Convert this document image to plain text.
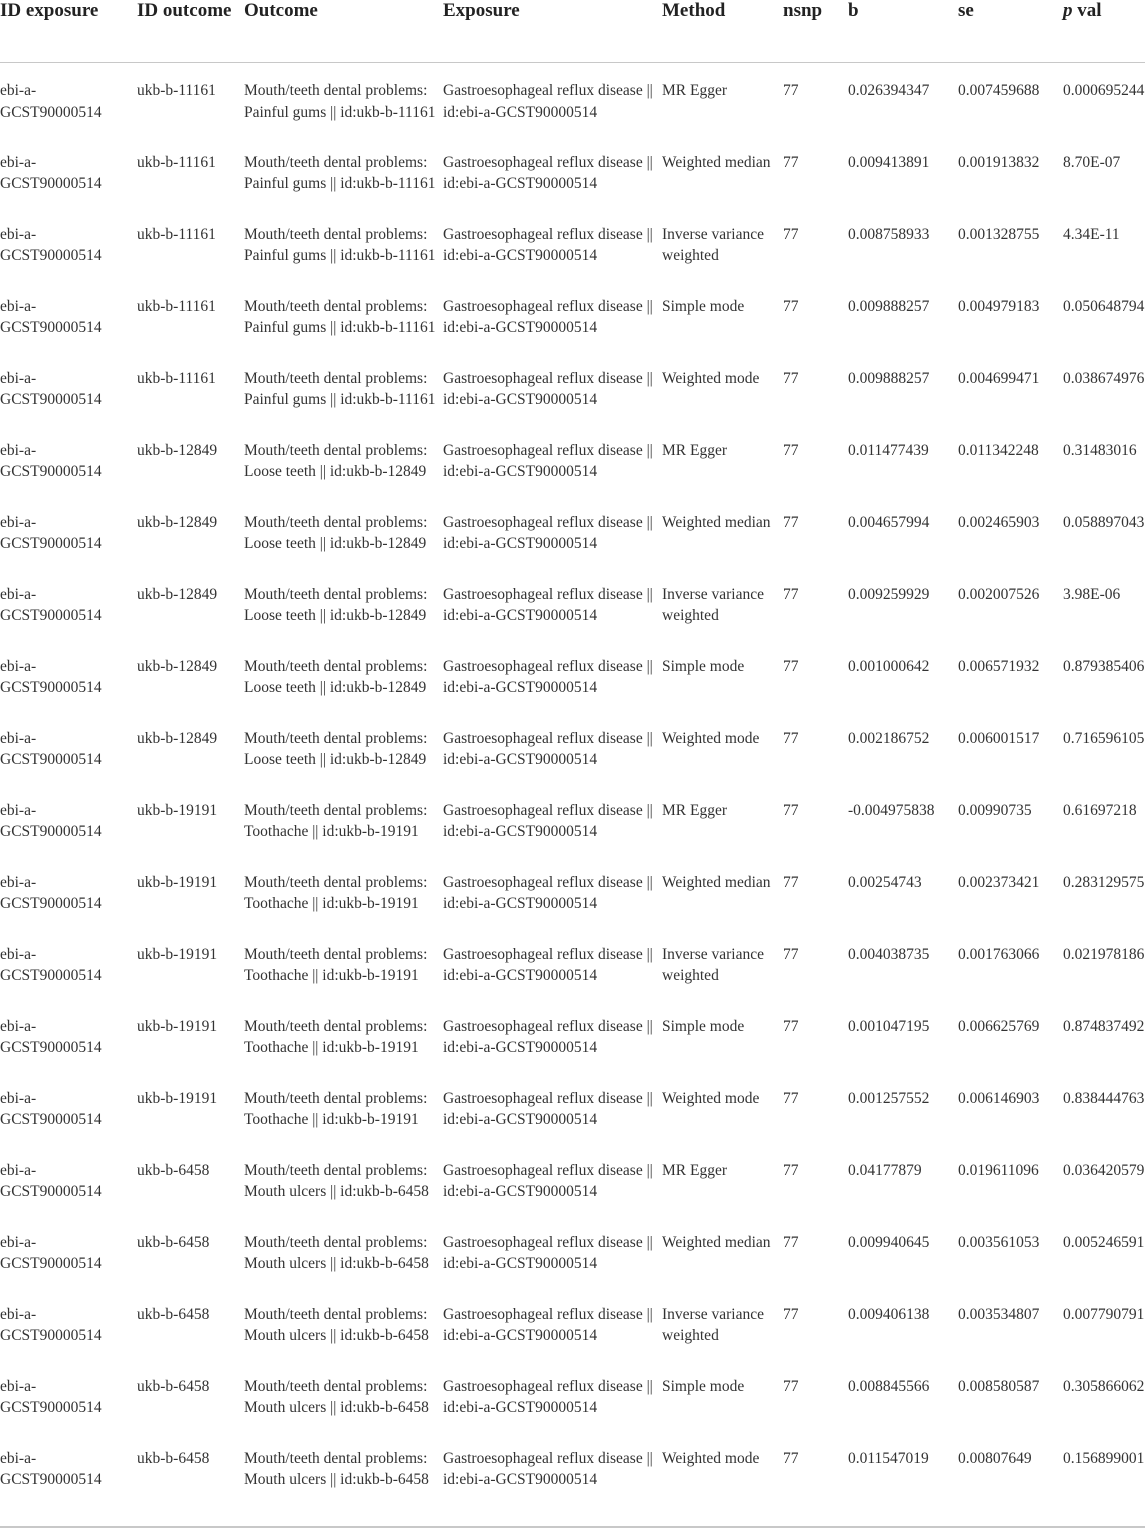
ID exposure	ID outcome	Outcome	Exposure	Method	nsnp	b	se	p val
ebi-a-GCST90000514	ukb-b-11161	Mouth/teeth dental problems: Painful gums || id:ukb-b-11161	Gastroesophageal reflux disease || id:ebi-a-GCST90000514	MR Egger	77	0.026394347	0.007459688	0.000695244
ebi-a-GCST90000514	ukb-b-11161	Mouth/teeth dental problems: Painful gums || id:ukb-b-11161	Gastroesophageal reflux disease || id:ebi-a-GCST90000514	Weighted median	77	0.009413891	0.001913832	8.70E-07
ebi-a-GCST90000514	ukb-b-11161	Mouth/teeth dental problems: Painful gums || id:ukb-b-11161	Gastroesophageal reflux disease || id:ebi-a-GCST90000514	Inverse variance weighted	77	0.008758933	0.001328755	4.34E-11
ebi-a-GCST90000514	ukb-b-11161	Mouth/teeth dental problems: Painful gums || id:ukb-b-11161	Gastroesophageal reflux disease || id:ebi-a-GCST90000514	Simple mode	77	0.009888257	0.004979183	0.050648794
ebi-a-GCST90000514	ukb-b-11161	Mouth/teeth dental problems: Painful gums || id:ukb-b-11161	Gastroesophageal reflux disease || id:ebi-a-GCST90000514	Weighted mode	77	0.009888257	0.004699471	0.038674976
ebi-a-GCST90000514	ukb-b-12849	Mouth/teeth dental problems: Loose teeth || id:ukb-b-12849	Gastroesophageal reflux disease || id:ebi-a-GCST90000514	MR Egger	77	0.011477439	0.011342248	0.31483016
ebi-a-GCST90000514	ukb-b-12849	Mouth/teeth dental problems: Loose teeth || id:ukb-b-12849	Gastroesophageal reflux disease || id:ebi-a-GCST90000514	Weighted median	77	0.004657994	0.002465903	0.058897043
ebi-a-GCST90000514	ukb-b-12849	Mouth/teeth dental problems: Loose teeth || id:ukb-b-12849	Gastroesophageal reflux disease || id:ebi-a-GCST90000514	Inverse variance weighted	77	0.009259929	0.002007526	3.98E-06
ebi-a-GCST90000514	ukb-b-12849	Mouth/teeth dental problems: Loose teeth || id:ukb-b-12849	Gastroesophageal reflux disease || id:ebi-a-GCST90000514	Simple mode	77	0.001000642	0.006571932	0.879385406
ebi-a-GCST90000514	ukb-b-12849	Mouth/teeth dental problems: Loose teeth || id:ukb-b-12849	Gastroesophageal reflux disease || id:ebi-a-GCST90000514	Weighted mode	77	0.002186752	0.006001517	0.716596105
ebi-a-GCST90000514	ukb-b-19191	Mouth/teeth dental problems: Toothache || id:ukb-b-19191	Gastroesophageal reflux disease || id:ebi-a-GCST90000514	MR Egger	77	-0.004975838	0.00990735	0.61697218
ebi-a-GCST90000514	ukb-b-19191	Mouth/teeth dental problems: Toothache || id:ukb-b-19191	Gastroesophageal reflux disease || id:ebi-a-GCST90000514	Weighted median	77	0.00254743	0.002373421	0.283129575
ebi-a-GCST90000514	ukb-b-19191	Mouth/teeth dental problems: Toothache || id:ukb-b-19191	Gastroesophageal reflux disease || id:ebi-a-GCST90000514	Inverse variance weighted	77	0.004038735	0.001763066	0.021978186
ebi-a-GCST90000514	ukb-b-19191	Mouth/teeth dental problems: Toothache || id:ukb-b-19191	Gastroesophageal reflux disease || id:ebi-a-GCST90000514	Simple mode	77	0.001047195	0.006625769	0.874837492
ebi-a-GCST90000514	ukb-b-19191	Mouth/teeth dental problems: Toothache || id:ukb-b-19191	Gastroesophageal reflux disease || id:ebi-a-GCST90000514	Weighted mode	77	0.001257552	0.006146903	0.838444763
ebi-a-GCST90000514	ukb-b-6458	Mouth/teeth dental problems: Mouth ulcers || id:ukb-b-6458	Gastroesophageal reflux disease || id:ebi-a-GCST90000514	MR Egger	77	0.04177879	0.019611096	0.036420579
ebi-a-GCST90000514	ukb-b-6458	Mouth/teeth dental problems: Mouth ulcers || id:ukb-b-6458	Gastroesophageal reflux disease || id:ebi-a-GCST90000514	Weighted median	77	0.009940645	0.003561053	0.005246591
ebi-a-GCST90000514	ukb-b-6458	Mouth/teeth dental problems: Mouth ulcers || id:ukb-b-6458	Gastroesophageal reflux disease || id:ebi-a-GCST90000514	Inverse variance weighted	77	0.009406138	0.003534807	0.007790791
ebi-a-GCST90000514	ukb-b-6458	Mouth/teeth dental problems: Mouth ulcers || id:ukb-b-6458	Gastroesophageal reflux disease || id:ebi-a-GCST90000514	Simple mode	77	0.008845566	0.008580587	0.305866062
ebi-a-GCST90000514	ukb-b-6458	Mouth/teeth dental problems: Mouth ulcers || id:ukb-b-6458	Gastroesophageal reflux disease || id:ebi-a-GCST90000514	Weighted mode	77	0.011547019	0.00807649	0.156899001
